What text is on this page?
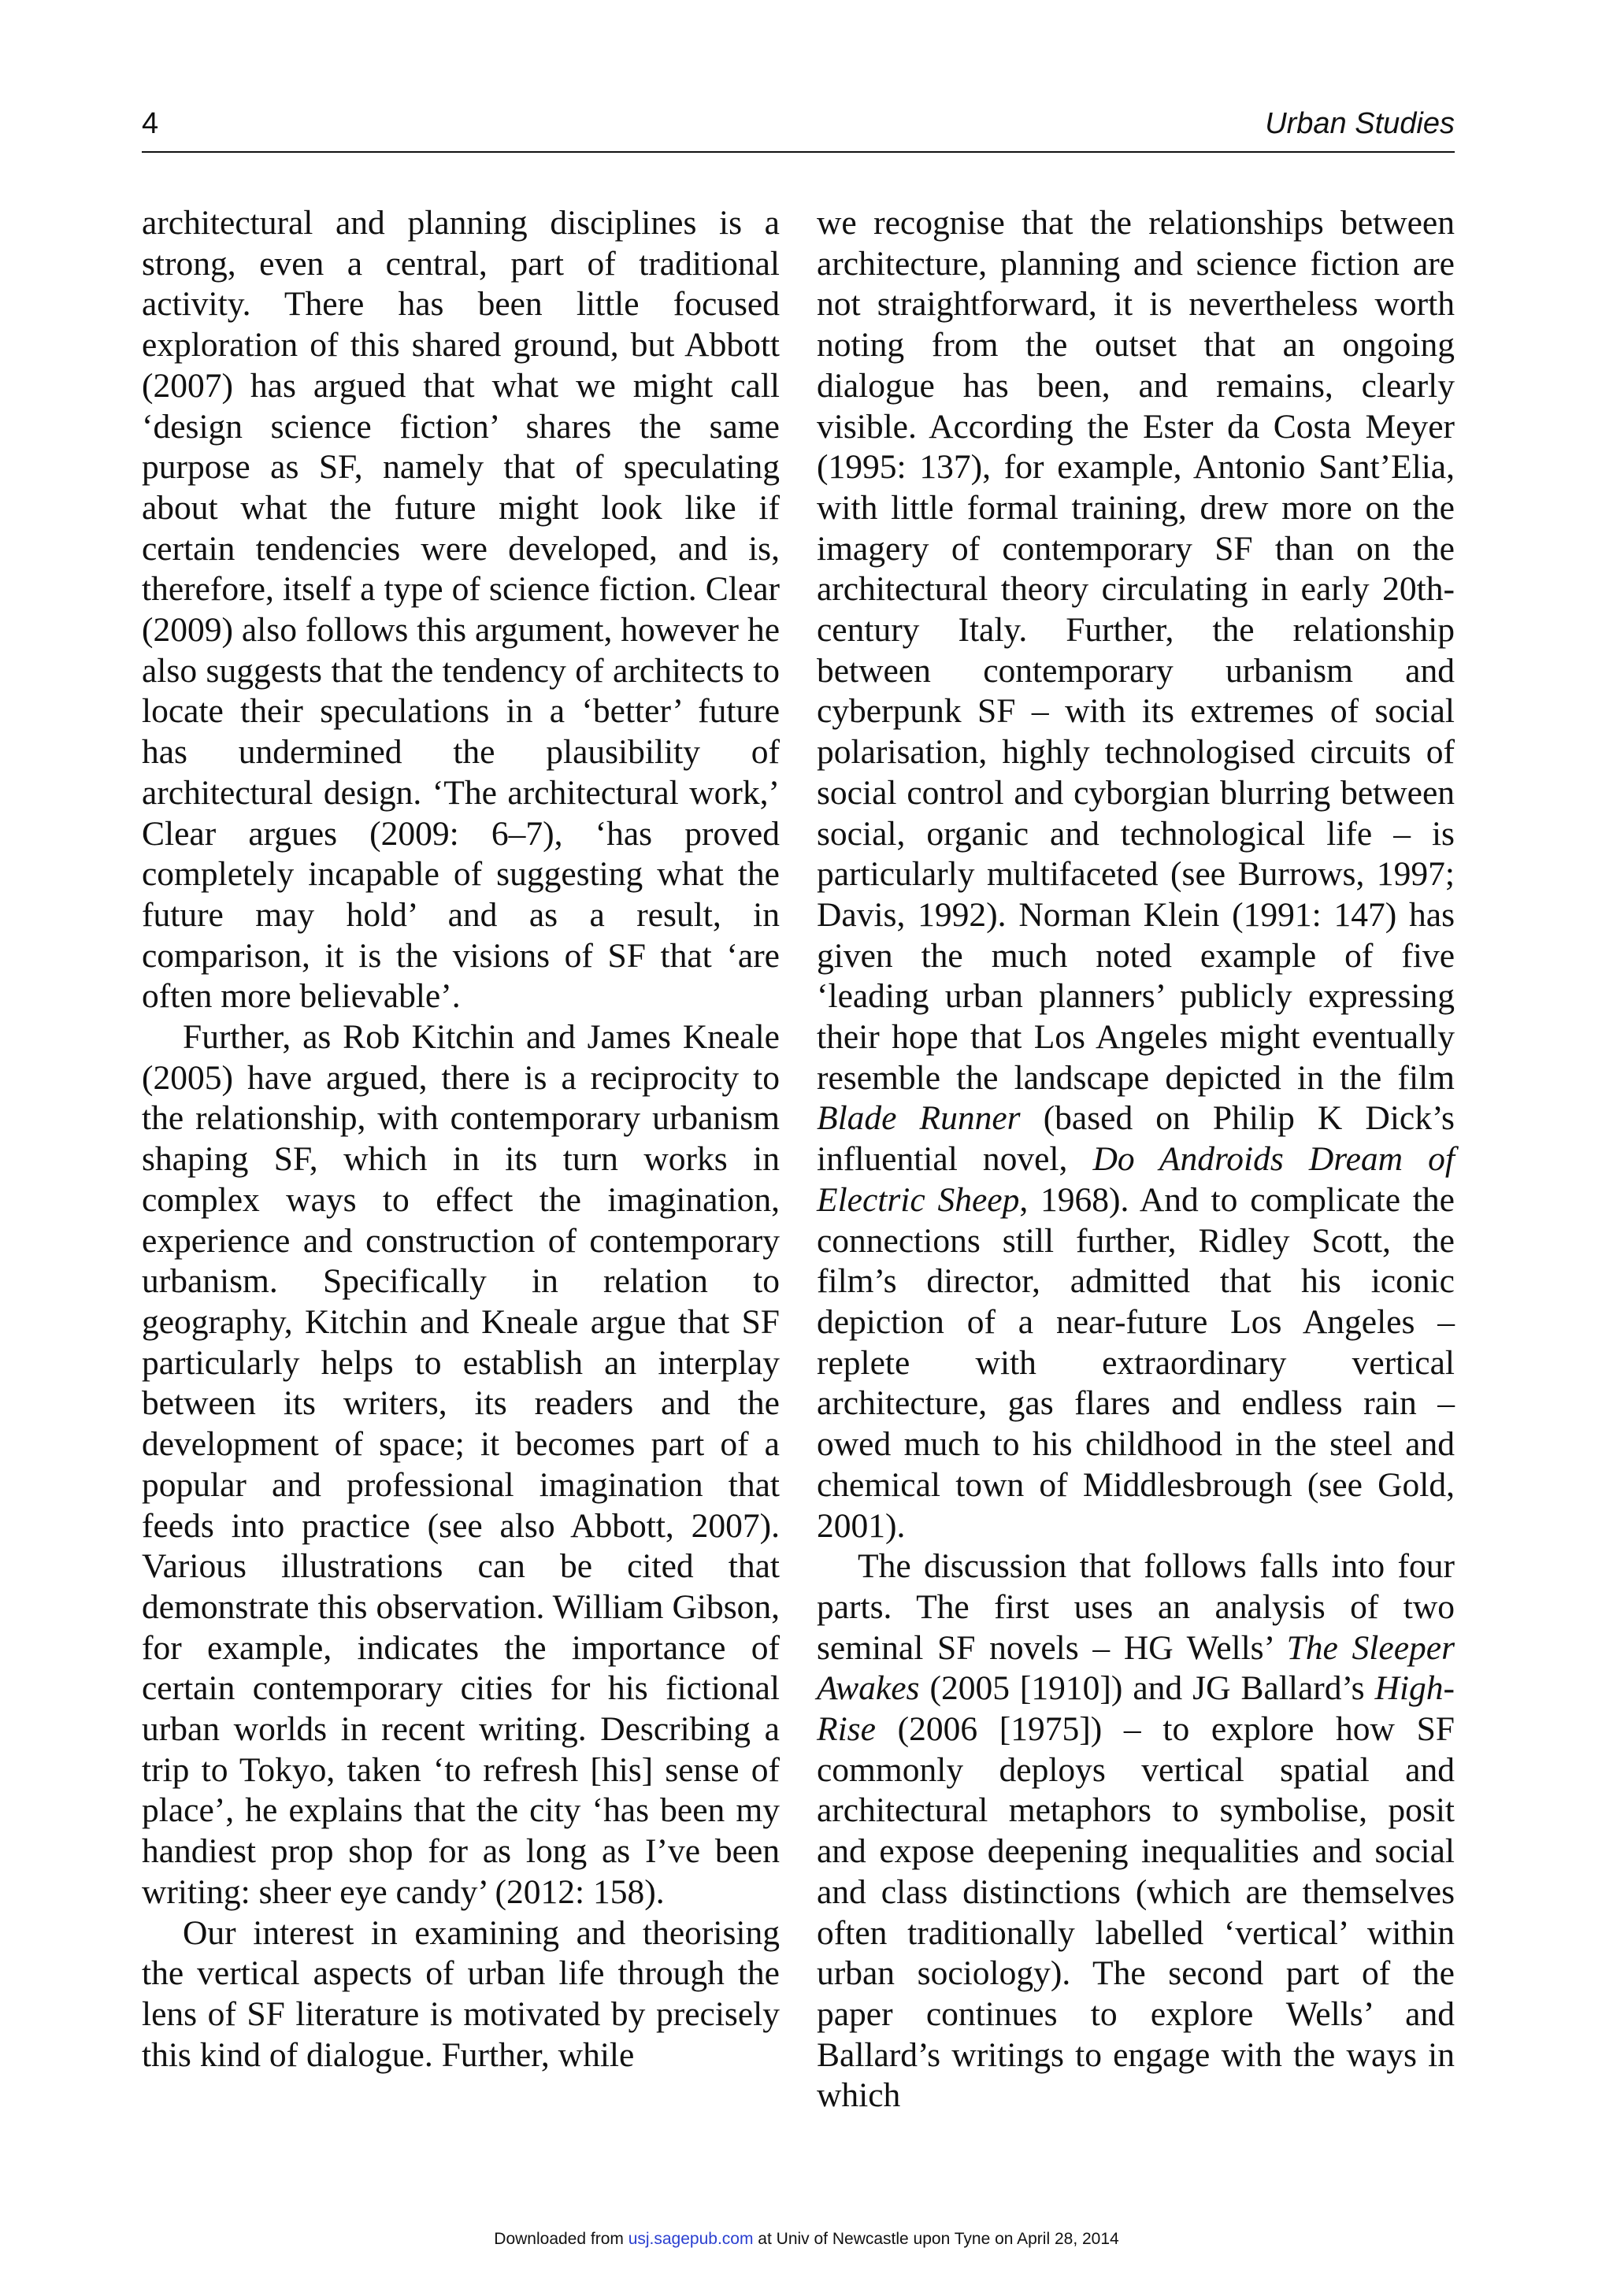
4	Urban Studies

architectural and planning disciplines is a strong, even a central, part of traditional activity. There has been little focused exploration of this shared ground, but Abbott (2007) has argued that what we might call ‘design science fiction’ shares the same purpose as SF, namely that of speculating about what the future might look like if certain tendencies were developed, and is, therefore, itself a type of science fiction. Clear (2009) also follows this argument, however he also suggests that the tendency of architects to locate their speculations in a ‘better’ future has undermined the plausibility of architectural design. ‘The architectural work,’ Clear argues (2009: 6–7), ‘has proved completely incapable of suggesting what the future may hold’ and as a result, in comparison, it is the visions of SF that ‘are often more believable’.

Further, as Rob Kitchin and James Kneale (2005) have argued, there is a reciprocity to the relationship, with contemporary urbanism shaping SF, which in its turn works in complex ways to effect the imagination, experience and construction of contemporary urbanism. Specifically in relation to geography, Kitchin and Kneale argue that SF particularly helps to establish an interplay between its writers, its readers and the development of space; it becomes part of a popular and professional imagination that feeds into practice (see also Abbott, 2007). Various illustrations can be cited that demonstrate this observation. William Gibson, for example, indicates the importance of certain contemporary cities for his fictional urban worlds in recent writing. Describing a trip to Tokyo, taken ‘to refresh [his] sense of place’, he explains that the city ‘has been my handiest prop shop for as long as I’ve been writing: sheer eye candy’ (2012: 158).

Our interest in examining and theorising the vertical aspects of urban life through the lens of SF literature is motivated by precisely this kind of dialogue. Further, while

we recognise that the relationships between architecture, planning and science fiction are not straightforward, it is nevertheless worth noting from the outset that an ongoing dialogue has been, and remains, clearly visible. According the Ester da Costa Meyer (1995: 137), for example, Antonio Sant’Elia, with little formal training, drew more on the imagery of contemporary SF than on the architectural theory circulating in early 20th-century Italy. Further, the relationship between contemporary urbanism and cyberpunk SF – with its extremes of social polarisation, highly technologised circuits of social control and cyborgian blurring between social, organic and technological life – is particularly multifaceted (see Burrows, 1997; Davis, 1992). Norman Klein (1991: 147) has given the much noted example of five ‘leading urban planners’ publicly expressing their hope that Los Angeles might eventually resemble the landscape depicted in the film Blade Runner (based on Philip K Dick’s influential novel, Do Androids Dream of Electric Sheep, 1968). And to complicate the connections still further, Ridley Scott, the film’s director, admitted that his iconic depiction of a near-future Los Angeles – replete with extraordinary vertical architecture, gas flares and endless rain – owed much to his childhood in the steel and chemical town of Middlesbrough (see Gold, 2001).

The discussion that follows falls into four parts. The first uses an analysis of two seminal SF novels – HG Wells’ The Sleeper Awakes (2005 [1910]) and JG Ballard’s High-Rise (2006 [1975]) – to explore how SF commonly deploys vertical spatial and architectural metaphors to symbolise, posit and expose deepening inequalities and social and class distinctions (which are themselves often traditionally labelled ‘vertical’ within urban sociology). The second part of the paper continues to explore Wells’ and Ballard’s writings to engage with the ways in which

Downloaded from usj.sagepub.com at Univ of Newcastle upon Tyne on April 28, 2014
